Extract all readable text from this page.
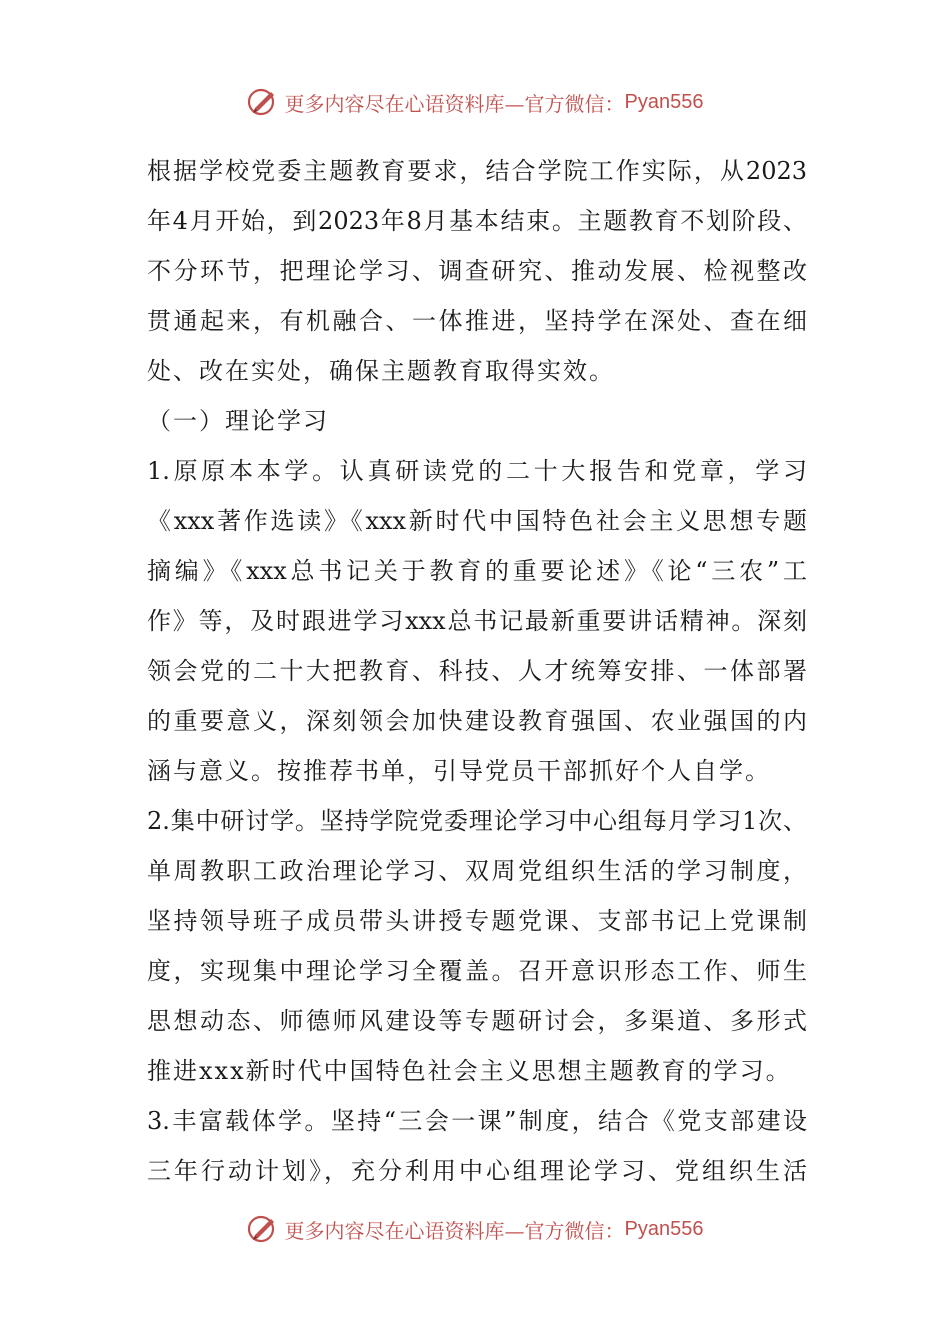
更多内容尽在心语资料库—官方微信： Pyan556
根据学校党委主题教育要求，结合学院工作实际，从2023
年4月开始，到2023年8月基本结束。主题教育不划阶段、
不分环节，把理论学习、调查研究、推动发展、检视整改
贯通起来，有机融合、一体推进，坚持学在深处、查在细
处、改在实处，确保主题教育取得实效。
（一）理论学习
1.原原本本学。认真研读党的二十大报告和党章，学习
《xxx著作选读》《xxx新时代中国特色社会主义思想专题
摘编》《xxx总书记关于教育的重要论述》《论“三农”工
作》等，及时跟进学习xxx总书记最新重要讲话精神。深刻
领会党的二十大把教育、科技、人才统筹安排、一体部署
的重要意义，深刻领会加快建设教育强国、农业强国的内
涵与意义。按推荐书单，引导党员干部抓好个人自学。
2.集中研讨学。坚持学院党委理论学习中心组每月学习1次、
单周教职工政治理论学习、双周党组织生活的学习制度，
坚持领导班子成员带头讲授专题党课、支部书记上党课制
度，实现集中理论学习全覆盖。召开意识形态工作、师生
思想动态、师德师风建设等专题研讨会，多渠道、多形式
推进xxx新时代中国特色社会主义思想主题教育的学习。
3.丰富载体学。坚持“三会一课”制度，结合《党支部建设
三年行动计划》，充分利用中心组理论学习、党组织生活
更多内容尽在心语资料库—官方微信： Pyan556
